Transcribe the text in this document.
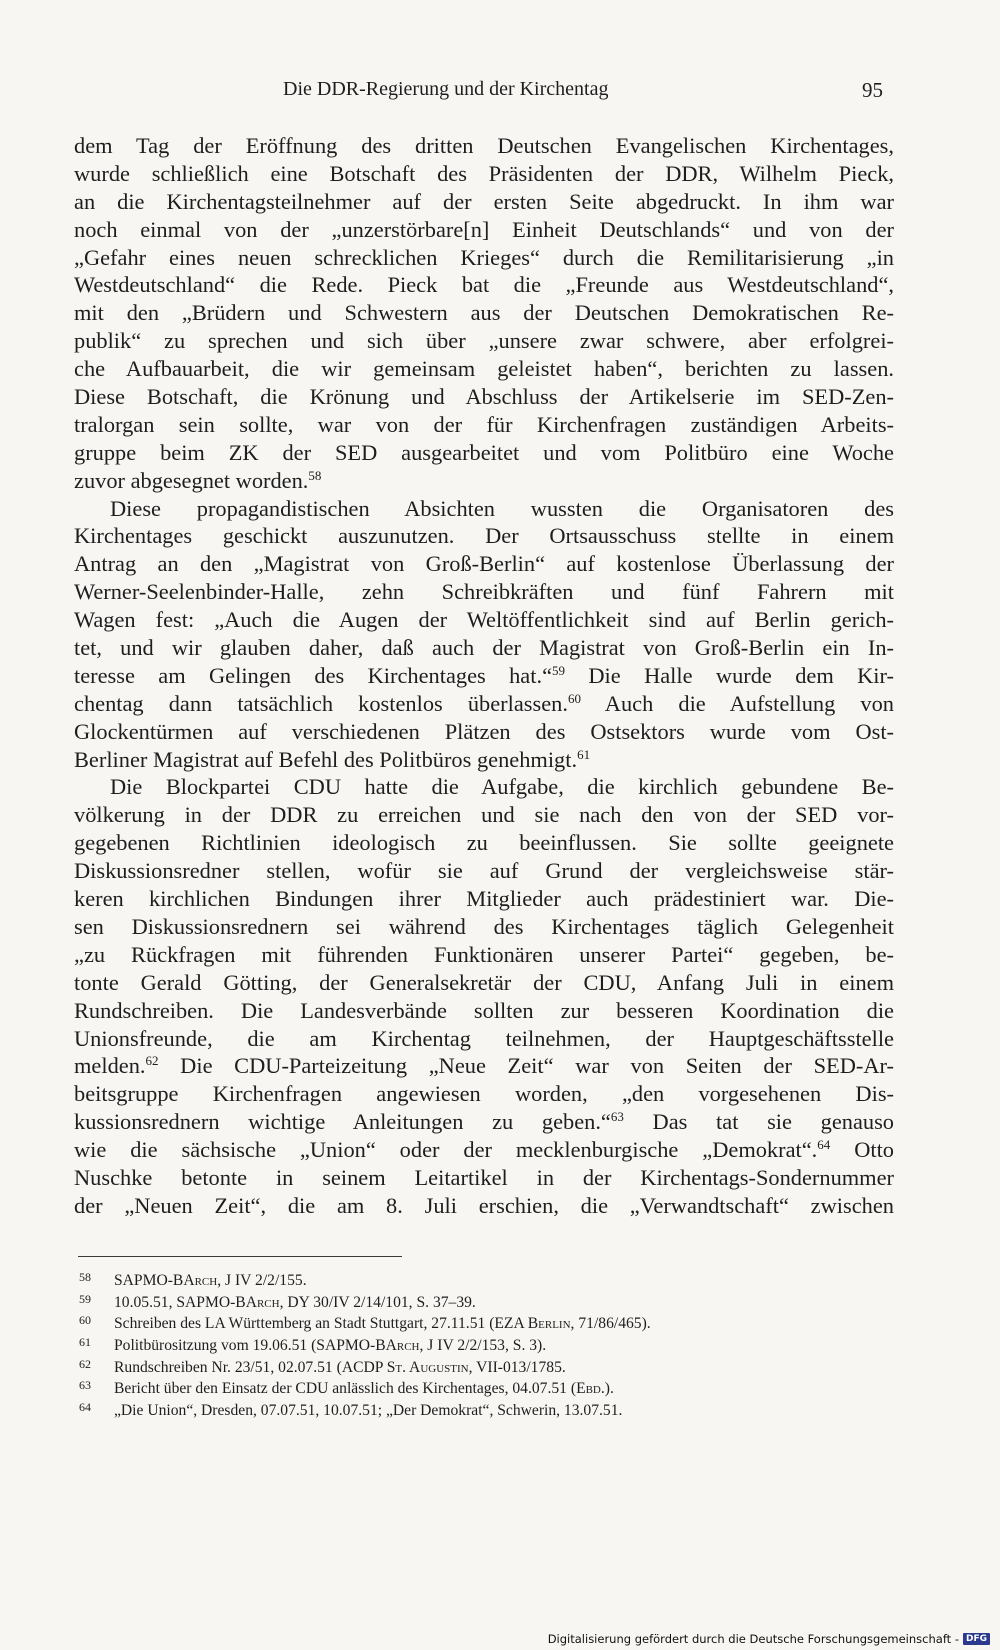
Die DDR-Regierung und der Kirchentag	95
dem Tag der Eröffnung des dritten Deutschen Evangelischen Kirchentages,
wurde schließlich eine Botschaft des Präsidenten der DDR, Wilhelm Pieck,
an die Kirchentagsteilnehmer auf der ersten Seite abgedruckt. In ihm war
noch einmal von der „unzerstörbare[n] Einheit Deutschlands“ und von der
„Gefahr eines neuen schrecklichen Krieges“ durch die Remilitarisierung „in
Westdeutschland“ die Rede. Pieck bat die „Freunde aus Westdeutschland“,
mit den „Brüdern und Schwestern aus der Deutschen Demokratischen Re-
publik“ zu sprechen und sich über „unsere zwar schwere, aber erfolgrei-
che Aufbauarbeit, die wir gemeinsam geleistet haben“, berichten zu lassen.
Diese Botschaft, die Krönung und Abschluss der Artikelserie im SED-Zen-
tralorgan sein sollte, war von der für Kirchenfragen zuständigen Arbeits-
gruppe beim ZK der SED ausgearbeitet und vom Politbüro eine Woche
zuvor abgesegnet worden.$^{58}$
Diese propagandistischen Absichten wussten die Organisatoren des
Kirchentages geschickt auszunutzen. Der Ortsausschuss stellte in einem
Antrag an den „Magistrat von Groß-Berlin“ auf kostenlose Überlassung der
Werner-Seelenbinder-Halle, zehn Schreibkräften und fünf Fahrern mit
Wagen fest: „Auch die Augen der Weltöffentlichkeit sind auf Berlin gerich-
tet, und wir glauben daher, daß auch der Magistrat von Groß-Berlin ein In-
teresse am Gelingen des Kirchentages hat.“$^{59}$ Die Halle wurde dem Kir-
chentag dann tatsächlich kostenlos überlassen.$^{60}$ Auch die Aufstellung von
Glockentürmen auf verschiedenen Plätzen des Ostsektors wurde vom Ost-
Berliner Magistrat auf Befehl des Politbüros genehmigt.$^{61}$
Die Blockpartei CDU hatte die Aufgabe, die kirchlich gebundene Be-
völkerung in der DDR zu erreichen und sie nach den von der SED vor-
gegebenen Richtlinien ideologisch zu beeinflussen. Sie sollte geeignete
Diskussionsredner stellen, wofür sie auf Grund der vergleichsweise stär-
keren kirchlichen Bindungen ihrer Mitglieder auch prädestiniert war. Die-
sen Diskussionsrednern sei während des Kirchentages täglich Gelegenheit
„zu Rückfragen mit führenden Funktionären unserer Partei“ gegeben, be-
tonte Gerald Götting, der Generalsekretär der CDU, Anfang Juli in einem
Rundschreiben. Die Landesverbände sollten zur besseren Koordination die
Unionsfreunde, die am Kirchentag teilnehmen, der Hauptgeschäftsstelle
melden.$^{62}$ Die CDU-Parteizeitung „Neue Zeit“ war von Seiten der SED-Ar-
beitsgruppe Kirchenfragen angewiesen worden, „den vorgesehenen Dis-
kussionsrednern wichtige Anleitungen zu geben.“$^{63}$ Das tat sie genauso
wie die sächsische „Union“ oder der mecklenburgische „Demokrat“.$^{64}$ Otto
Nuschke betonte in seinem Leitartikel in der Kirchentags-Sondernummer
der „Neuen Zeit“, die am 8. Juli erschien, die „Verwandtschaft“ zwischen
58 SAPMO-BArch, J IV 2/2/155.
59 10.05.51, SAPMO-BArch, DY 30/IV 2/14/101, S. 37–39.
60 Schreiben des LA Württemberg an Stadt Stuttgart, 27.11.51 (EZA Berlin, 71/86/465).
61 Politbürositzung vom 19.06.51 (SAPMO-BArch, J IV 2/2/153, S. 3).
62 Rundschreiben Nr. 23/51, 02.07.51 (ACDP St. Augustin, VII-013/1785.
63 Bericht über den Einsatz der CDU anlässlich des Kirchentages, 04.07.51 (Ebd.).
64 „Die Union“, Dresden, 07.07.51, 10.07.51; „Der Demokrat“, Schwerin, 13.07.51.
Digitalisierung gefördert durch die Deutsche Forschungsgemeinschaft - DFG
